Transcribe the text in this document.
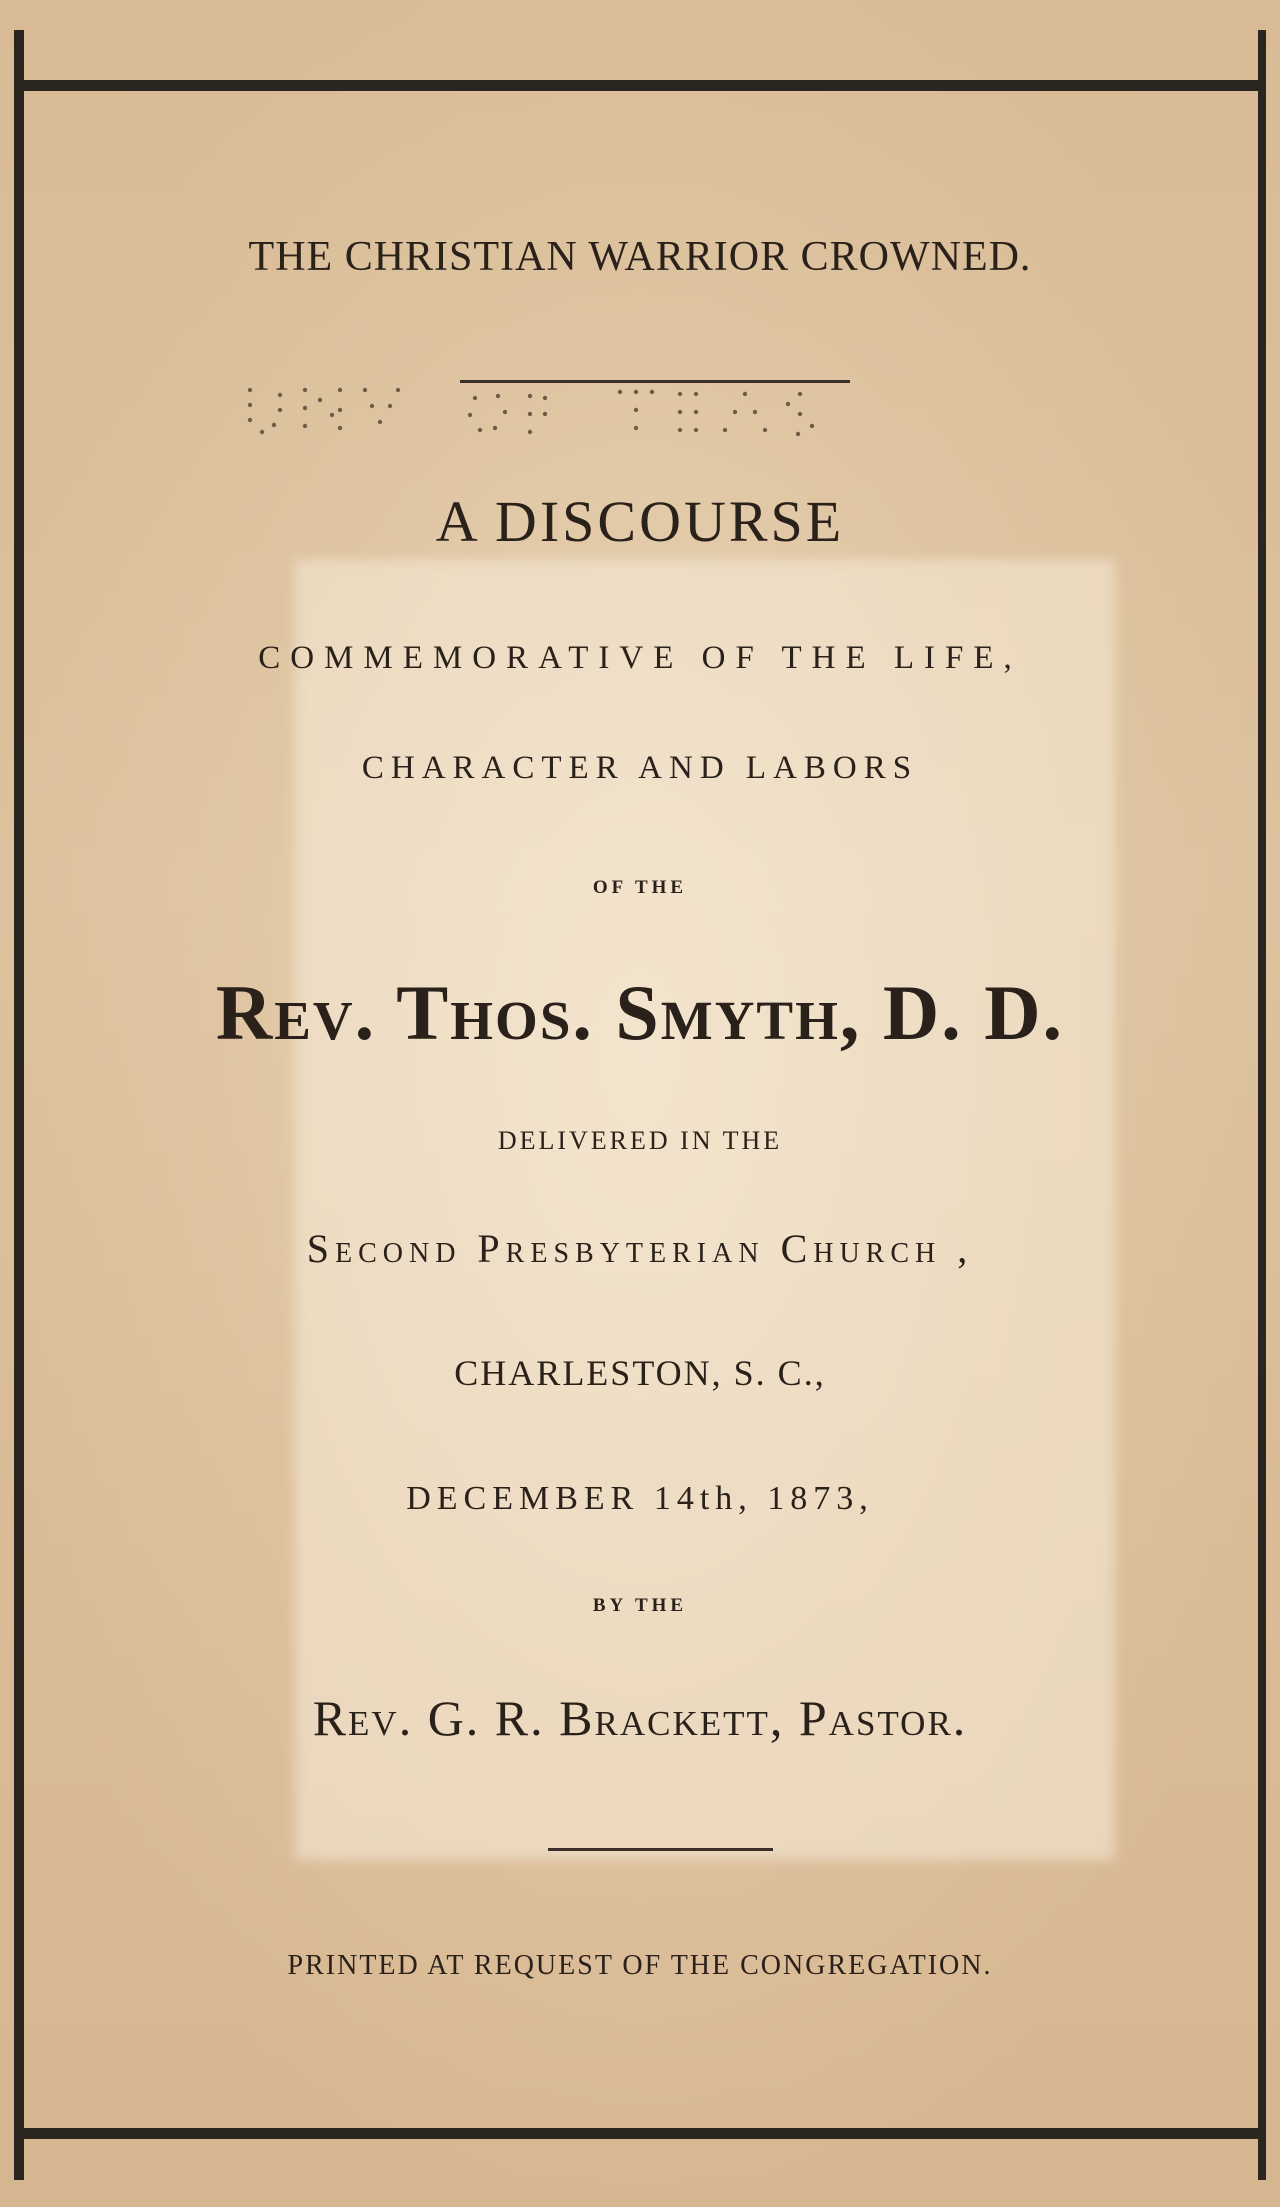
THE CHRISTIAN WARRIOR CROWNED.
A DISCOURSE
COMMEMORATIVE OF THE LIFE,
CHARACTER AND LABORS
OF THE
Rev. Thos. Smyth, D. D.
DELIVERED IN THE
Second Presbyterian Church ,
CHARLESTON, S. C.,
DECEMBER 14th, 1873,
BY THE
Rev. G. R. Brackett, Pastor.
PRINTED AT REQUEST OF THE CONGREGATION.
